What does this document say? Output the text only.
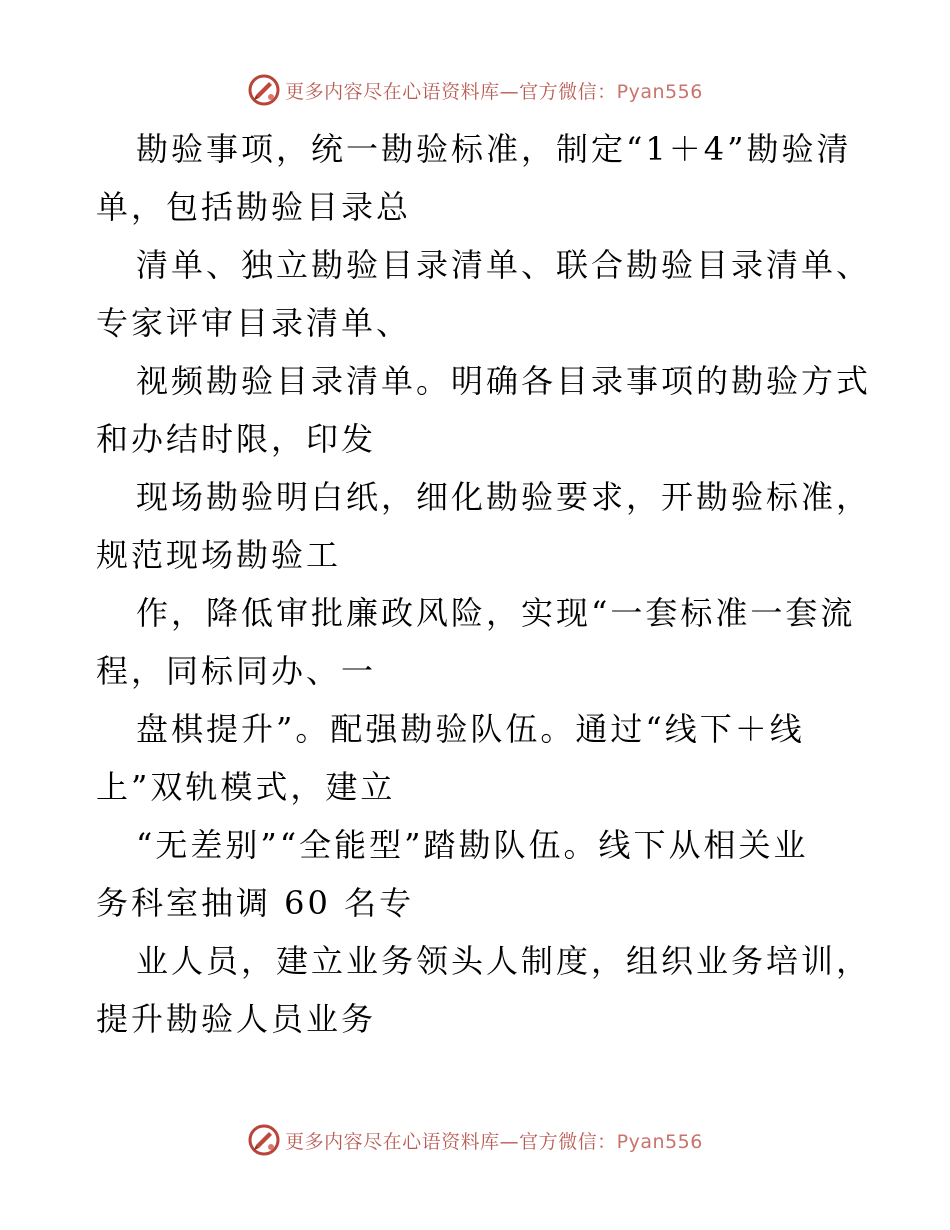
更多内容尽在心语资料库—官方微信：Pyan556

勘验事项，统一勘验标准，制定“1＋4”勘验清
单，包括勘验目录总

清单、独立勘验目录清单、联合勘验目录清单、
专家评审目录清单、

视频勘验目录清单。明确各目录事项的勘验方式
和办结时限，印发

现场勘验明白纸，细化勘验要求，开勘验标准，
规范现场勘验工

作，降低审批廉政风险，实现“一套标准一套流
程，同标同办、一

盘棋提升”。配强勘验队伍。通过“线下＋线
上”双轨模式，建立

“无差别”“全能型”踏勘队伍。线下从相关业
务科室抽调 60 名专

业人员，建立业务领头人制度，组织业务培训，
提升勘验人员业务

更多内容尽在心语资料库—官方微信：Pyan556
